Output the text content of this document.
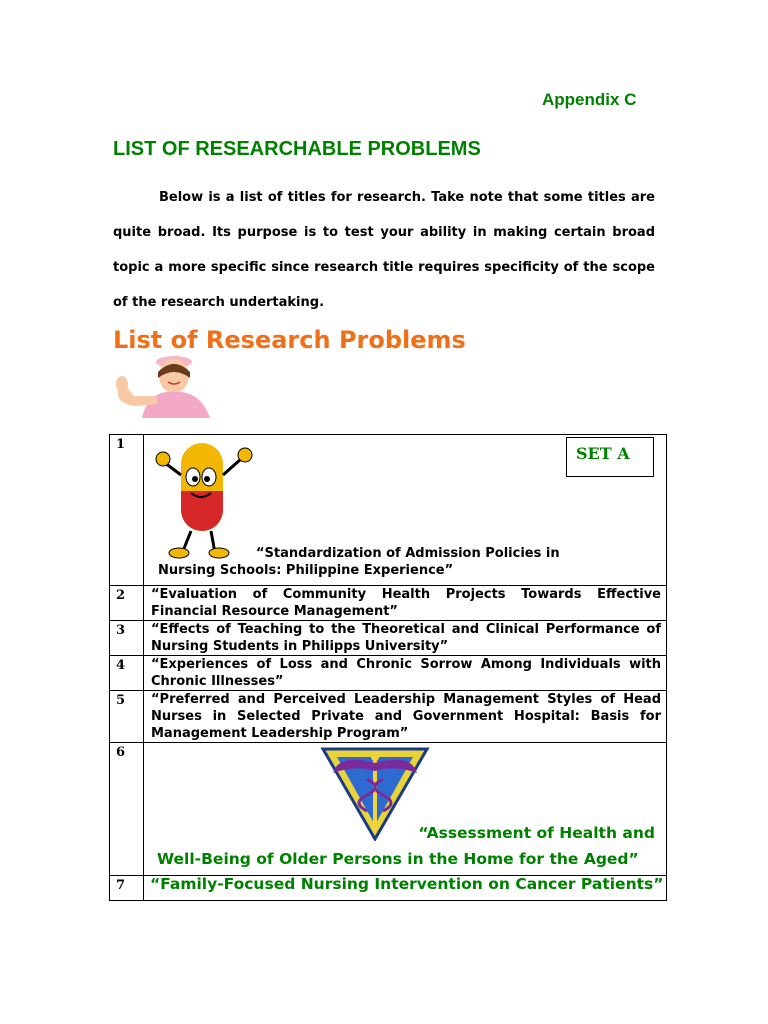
Appendix C
LIST OF RESEARCHABLE PROBLEMS
Below is a list of titles for research. Take note that some titles are quite broad. Its purpose is to test your ability in making certain broad topic a more specific since research title requires specificity of the scope of the research undertaking.
List of Research Problems
1	SET A
“Standardization of Admission Policies in
Nursing Schools: Philippine Experience”

2	“Evaluation of Community Health Projects Towards Effective Financial Resource Management”
3	“Effects of Teaching to the Theoretical and Clinical Performance of Nursing Students in Philipps University”
4	“Experiences of Loss and Chronic Sorrow Among Individuals with Chronic Illnesses”
5	“Preferred and Perceived Leadership Management Styles of Head Nurses in Selected Private and Government Hospital: Basis for Management Leadership Program”
6	“Assessment of Health and
Well-Being of Older Persons in the Home for the Aged”

7	“Family-Focused Nursing Intervention on Cancer Patients”
